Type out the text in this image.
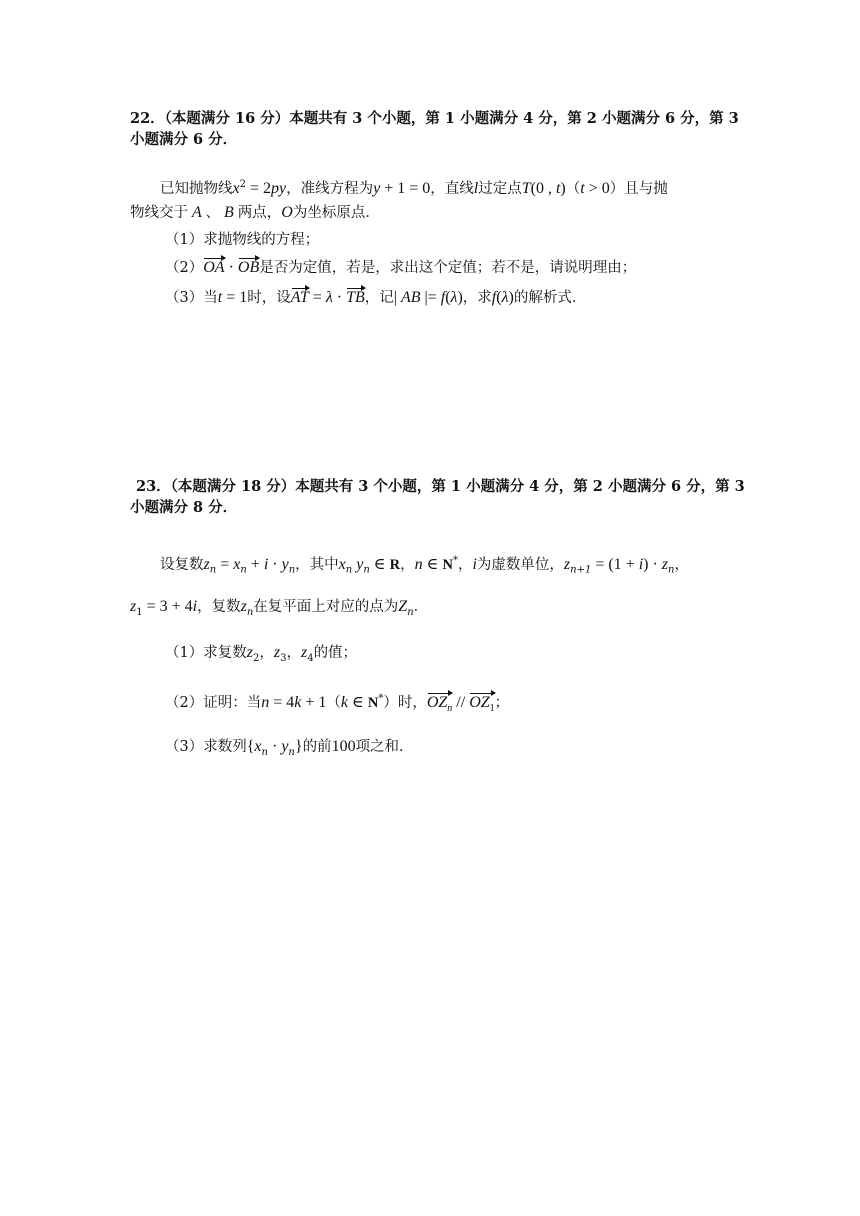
22．（本题满分 16 分）本题共有 3 个小题，第 1 小题满分 4 分，第 2 小题满分 6 分，第 3
小题满分 6 分．
已知抛物线$x^2 = 2py$，准线方程为y + 1 = 0，直线l过定点T(0 , t)（t > 0）且与抛
物线交于 A 、 B 两点，O为坐标原点．
（1）求抛物线的方程；
（2）OA · OB是否为定值，若是，求出这个定值；若不是，请说明理由；
（3）当t = 1时，设AT = λ · TB，记| AB |= f(λ)，求f(λ)的解析式．
23．（本题满分 18 分）本题共有 3 个小题，第 1 小题满分 4 分，第 2 小题满分 6 分，第 3
小题满分 8 分．
设复数$z_n = x_n + i \cdot y_n$，其中$x_n$ $y_n$ ∈ R，n ∈ N*，i为虚数单位，$z_{n+1} = (1 + i) \cdot z_n$，
$z_1 = 3 + 4i$，复数$z_n$在复平面上对应的点为$Z_n$．
（1）求复数$z_2$，$z_3$，$z_4$的值；
（2）证明：当n = 4k + 1（k ∈ N*）时，$OZ_n // OZ_1$；
（3）求数列$\{x_n \cdot y_n\}$的前100项之和．
